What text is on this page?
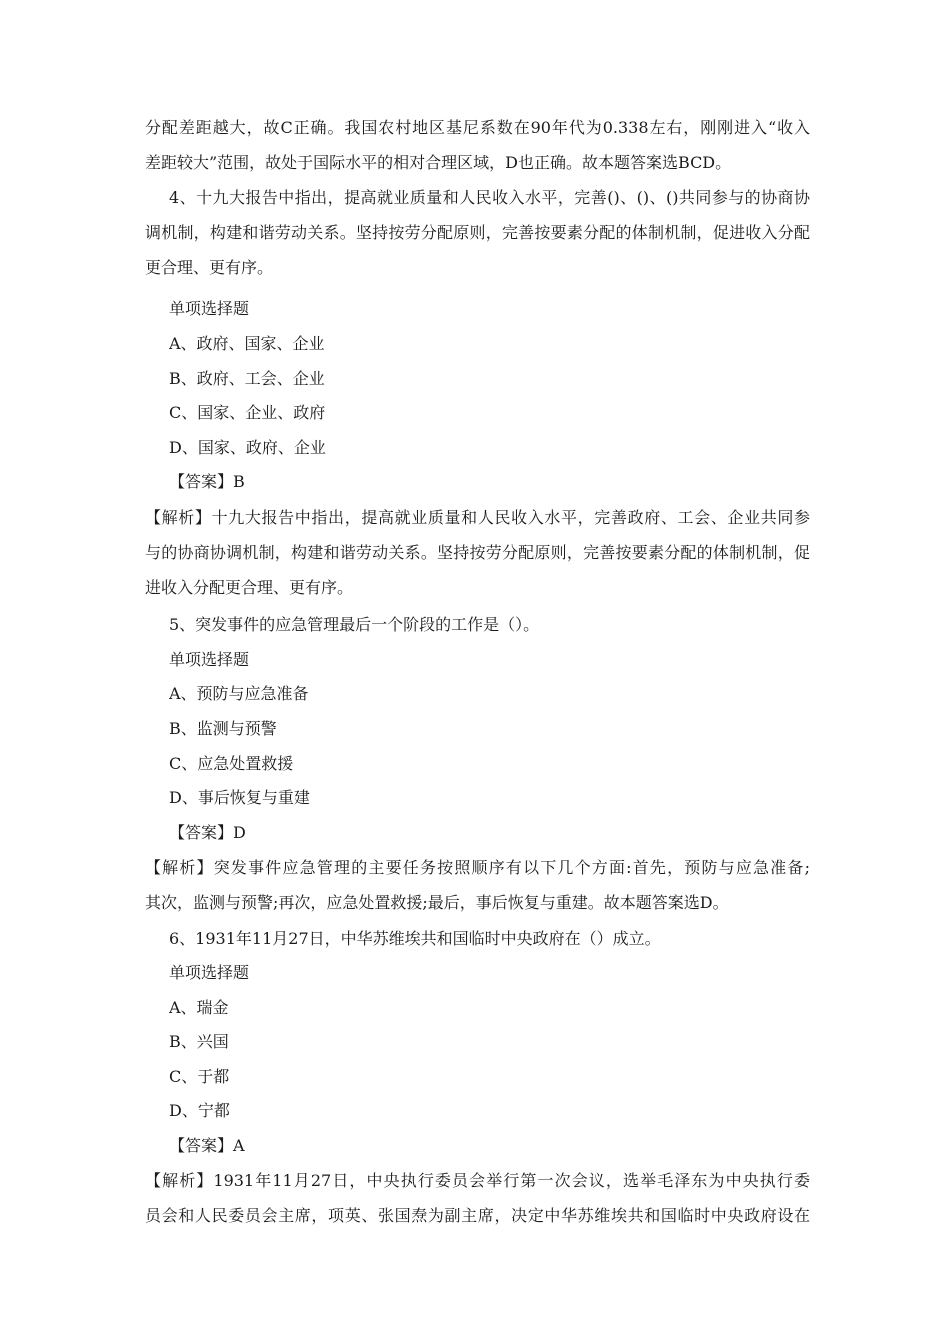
分配差距越大，故C正确。我国农村地区基尼系数在90年代为0.338左右，刚刚进入“收入
差距较大”范围，故处于国际水平的相对合理区域，D也正确。故本题答案选BCD。
4、十九大报告中指出，提高就业质量和人民收入水平，完善()、()、()共同参与的协商协
调机制，构建和谐劳动关系。坚持按劳分配原则，完善按要素分配的体制机制，促进收入分配
更合理、更有序。
单项选择题
A、政府、国家、企业
B、政府、工会、企业
C、国家、企业、政府
D、国家、政府、企业
【答案】B
【解析】十九大报告中指出，提高就业质量和人民收入水平，完善政府、工会、企业共同参
与的协商协调机制，构建和谐劳动关系。坚持按劳分配原则，完善按要素分配的体制机制，促
进收入分配更合理、更有序。
5、突发事件的应急管理最后一个阶段的工作是（）。
单项选择题
A、预防与应急准备
B、监测与预警
C、应急处置救援
D、事后恢复与重建
【答案】D
【解析】突发事件应急管理的主要任务按照顺序有以下几个方面:首先，预防与应急准备;
其次，监测与预警;再次，应急处置救援;最后，事后恢复与重建。故本题答案选D。
6、1931年11月27日，中华苏维埃共和国临时中央政府在（）成立。
单项选择题
A、瑞金
B、兴国
C、于都
D、宁都
【答案】A
【解析】1931年11月27日，中央执行委员会举行第一次会议，选举毛泽东为中央执行委
员会和人民委员会主席，项英、张国焘为副主席，决定中华苏维埃共和国临时中央政府设在
